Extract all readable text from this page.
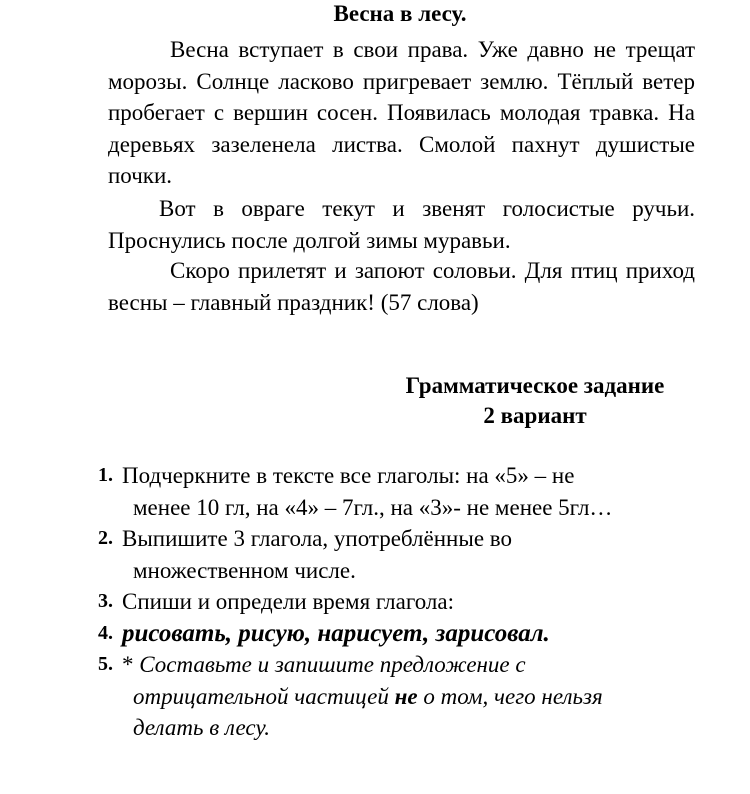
Весна в лесу.
Весна вступает в свои права. Уже давно не трещат морозы. Солнце ласково пригревает землю. Тёплый ветер пробегает с вершин сосен. Появилась молодая травка. На деревьях зазеленела листва. Смолой пахнут душистые почки.
Вот в овраге текут и звенят голосистые ручьи. Проснулись после долгой зимы муравьи.
Скоро прилетят и запоют соловьи. Для птиц приход весны – главный праздник! (57 слова)
Грамматическое задание
2 вариант
1. Подчеркните в тексте все глаголы: на «5» – не
менее 10 гл, на «4» – 7гл., на «3»- не менее 5гл…
2. Выпишите 3 глагола, употреблённые во
множественном числе.
3. Спиши и определи время глагола:
4. рисовать, рисую, нарисует, зарисовал.
5. * Составьте и запишите предложение с
отрицательной частицей не о том, чего нельзя
делать в лесу.
